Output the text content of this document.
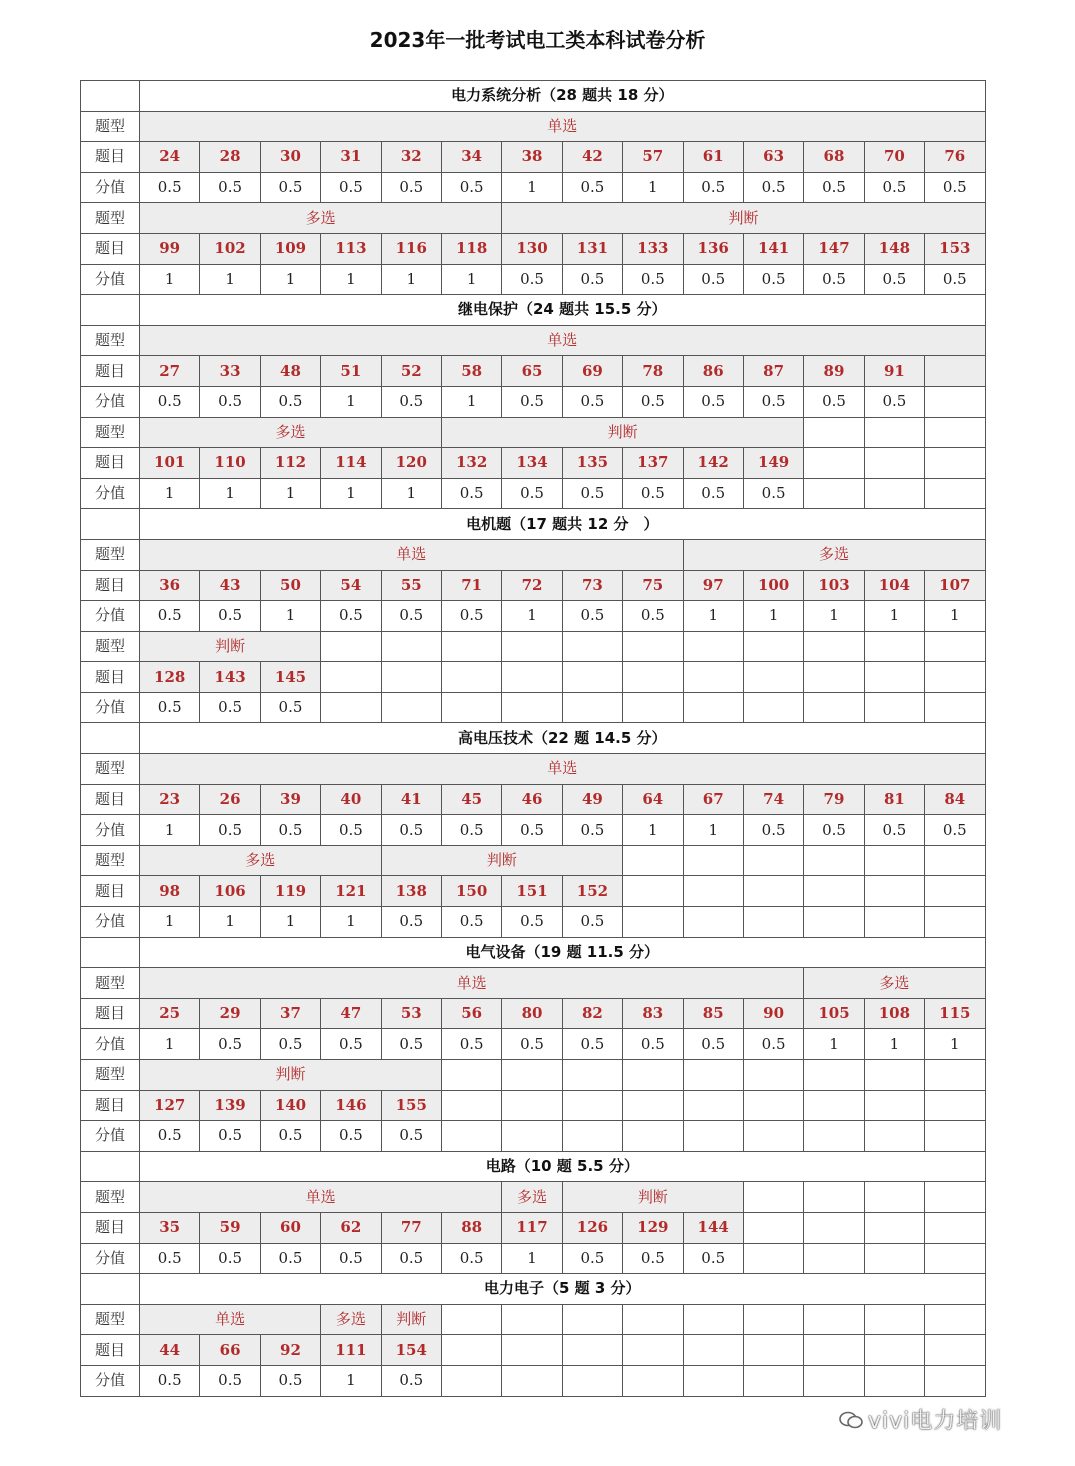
2023年一批考试电工类本科试卷分析
	电力系统分析（28 题共 18 分）													
题型	单选													
题目	24	28	30	31	32	34	38	42	57	61	63	68	70	76
分值	0.5	0.5	0.5	0.5	0.5	0.5	1	0.5	1	0.5	0.5	0.5	0.5	0.5
题型	多选						判断							
题目	99	102	109	113	116	118	130	131	133	136	141	147	148	153
分值	1	1	1	1	1	1	0.5	0.5	0.5	0.5	0.5	0.5	0.5	0.5
	继电保护（24 题共 15.5 分）													
题型	单选													
题目	27	33	48	51	52	58	65	69	78	86	87	89	91	
分值	0.5	0.5	0.5	1	0.5	1	0.5	0.5	0.5	0.5	0.5	0.5	0.5	
题型	多选					判断								
题目	101	110	112	114	120	132	134	135	137	142	149			
分值	1	1	1	1	1	0.5	0.5	0.5	0.5	0.5	0.5			
	电机题（17 题共 12 分　）													
题型	单选									多选				
题目	36	43	50	54	55	71	72	73	75	97	100	103	104	107
分值	0.5	0.5	1	0.5	0.5	0.5	1	0.5	0.5	1	1	1	1	1
题型	判断													
题目	128	143	145											
分值	0.5	0.5	0.5											
	高电压技术（22 题 14.5 分）													
题型	单选													
题目	23	26	39	40	41	45	46	49	64	67	74	79	81	84
分值	1	0.5	0.5	0.5	0.5	0.5	0.5	0.5	1	1	0.5	0.5	0.5	0.5
题型	多选				判断									
题目	98	106	119	121	138	150	151	152						
分值	1	1	1	1	0.5	0.5	0.5	0.5						
	电气设备（19 题 11.5 分）													
题型	单选											多选		
题目	25	29	37	47	53	56	80	82	83	85	90	105	108	115
分值	1	0.5	0.5	0.5	0.5	0.5	0.5	0.5	0.5	0.5	0.5	1	1	1
题型	判断													
题目	127	139	140	146	155									
分值	0.5	0.5	0.5	0.5	0.5									
	电路（10 题 5.5 分）													
题型	单选						多选	判断						
题目	35	59	60	62	77	88	117	126	129	144				
分值	0.5	0.5	0.5	0.5	0.5	0.5	1	0.5	0.5	0.5				
	电力电子（5 题 3 分）													
题型	单选			多选	判断									
题目	44	66	92	111	154									
分值	0.5	0.5	0.5	1	0.5									
vivi电力培训
